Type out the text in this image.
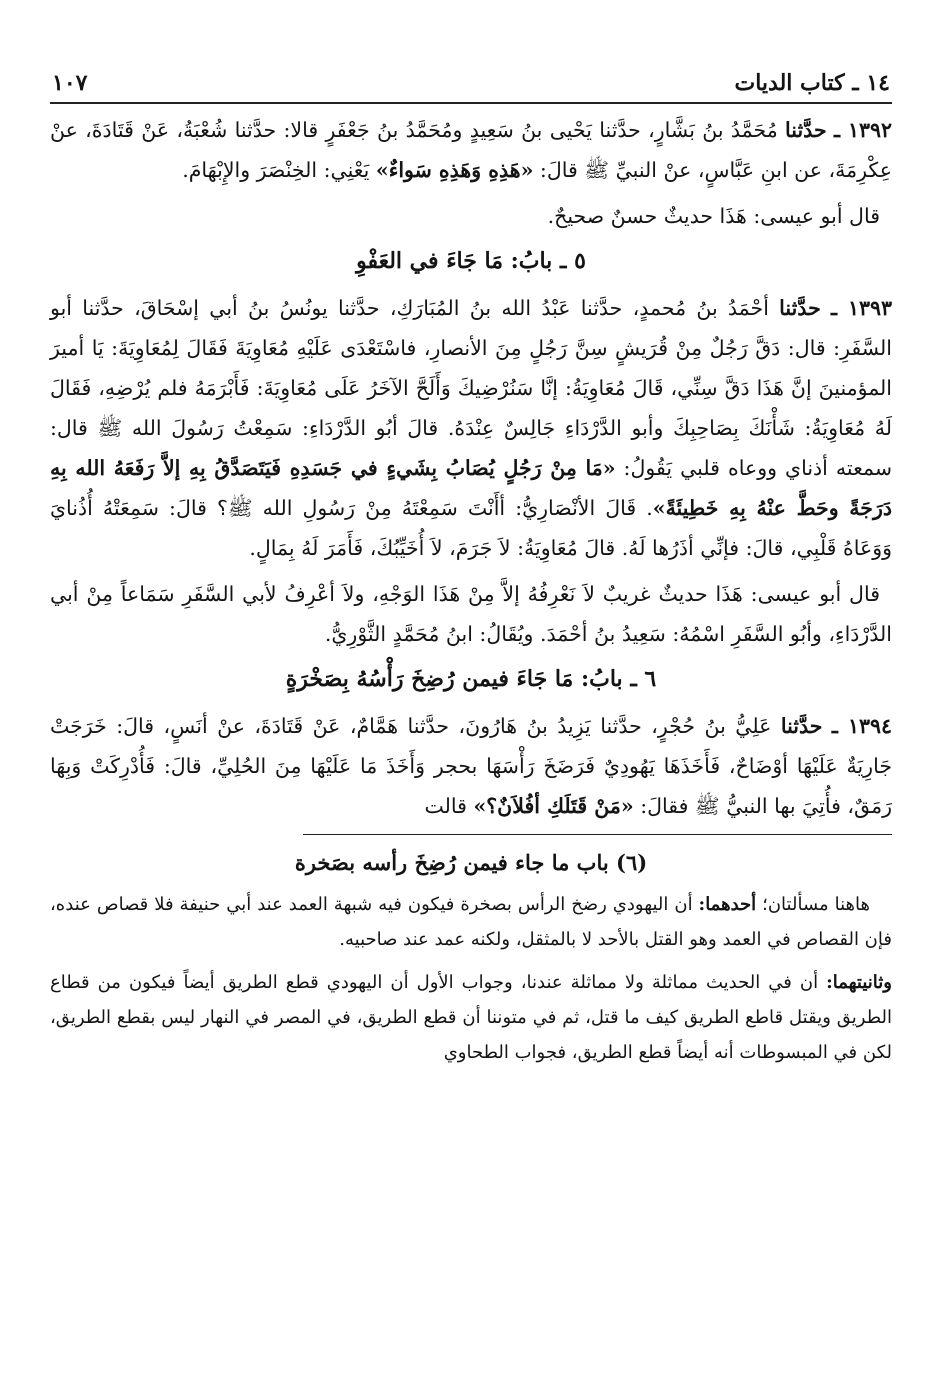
١٤ ـ كتاب الديات
١٠٧

١٣٩٢ ـ حدَّثنا مُحَمَّدُ بنُ بَشَّارٍ، حدَّثنا يَحْيى بنُ سَعِيدٍ ومُحَمَّدُ بنُ جَعْفَرٍ قالا: حدَّثنا شُعْبَةُ، عَنْ قَتَادَةَ، عنْ عِكْرِمَةَ، عن ابنِ عَبَّاسٍ، عنْ النبيِّ ﷺ قالَ: «هَذِهِ وَهَذِهِ سَواءٌ» يَعْنِي: الخِنْصَرَ والإِبْهَامَ.

قال أبو عيسى: هَذَا حديثٌ حسنٌ صحيحٌ.

٥ ـ بابُ: مَا جَاءَ في العَفْوِ

١٣٩٣ ـ حدَّثنا أحْمَدُ بنُ مُحمدٍ، حدَّثنا عَبْدُ الله بنُ المُبَارَكِ، حدَّثنا يونُسُ بنُ أبي إسْحَاقَ، حدَّثنا أبو السَّفَرِ: قال: دَقَّ رَجُلٌ مِنْ قُرَيشٍ سِنَّ رَجُلٍ مِنَ الأنصارِ، فاسْتَعْدَى عَلَيْهِ مُعَاوِيَةَ فَقَالَ لِمُعَاوِيَةَ: يَا أميرَ المؤمنينَ إنَّ هَذَا دَقَّ سِنِّي، قَالَ مُعَاوِيَةُ: إنَّا سَنُرْضِيكَ وَأَلَحَّ الآخَرُ عَلَى مُعَاوِيَةَ: فَأَبْرَمَهُ فلم يُرْضِهِ، فَقَالَ لَهُ مُعَاوِيَةُ: شَأْنَكَ بِصَاحِبِكَ وأبو الدَّرْدَاءِ جَالِسٌ عِنْدَهُ. قالَ أبُو الدَّرْدَاءِ: سَمِعْتُ رَسُولَ الله ﷺ قال: سمعته أذناي ووعاه قلبي يَقُولُ: «مَا مِنْ رَجُلٍ يُصَابُ بِشَيءٍ في جَسَدِهِ فَيَتَصَدَّقُ بِهِ إلاَّ رَفَعَهُ الله بِهِ دَرَجَةً وحَطَّ عنْهُ بِهِ خَطِيئَةً». قَالَ الأنْصَارِيُّ: أأَنْتَ سَمِعْتَهُ مِنْ رَسُولِ الله ﷺ؟ قالَ: سَمِعَتْهُ أُذُنايَ وَوَعَاهُ قَلْبِي، قالَ: فإنِّي أذَرُها لَهُ. قالَ مُعَاوِيَةُ: لاَ جَرَمَ، لاَ أُخَيِّبُكَ، فَأَمَرَ لَهُ بِمَالٍ.

قال أبو عيسى: هَذَا حديثٌ غريبٌ لاَ نَعْرِفُهُ إلاَّ مِنْ هَذَا الوَجْهِ، ولاَ أعْرِفُ لأبي السَّفَرِ سَمَاعاً مِنْ أبي الدَّرْدَاءِ، وأبُو السَّفَرِ اسْمُهُ: سَعِيدُ بنُ أحْمَدَ. ويُقَالُ: ابنُ مُحَمَّدٍ الثَّوْرِيُّ.

٦ ـ بابُ: مَا جَاءَ فيمن رُضِخَ رَأْسُهُ بِصَخْرَةٍ

١٣٩٤ ـ حدَّثنا عَلِيُّ بنُ حُجْرٍ، حدَّثنا يَزِيدُ بنُ هَارُونَ، حدَّثنا هَمَّامٌ، عَنْ قَتَادَةَ، عنْ أنَسٍ، قالَ: خَرَجَتْ جَارِيَةٌ عَلَيْهَا أوْضَاحٌ، فَأَخَذَهَا يَهُودِيٌ فَرَضَخَ رَأْسَهَا بحجر وَأَخَذَ مَا عَلَيْهَا مِنَ الحُلِيِّ، قالَ: فَأُدْرِكَتْ وَبِهَا رَمَقٌ، فأُتِيَ بها النبيُّ ﷺ فقالَ: «مَنْ قَتَلَكِ أفُلاَنٌ؟» قالت

(٦) باب ما جاء فيمن رُضِخَ رأسه بصَخرة

هاهنا مسألتان؛ أحدهما: أن اليهودي رضخ الرأس بصخرة فيكون فيه شبهة العمد عند أبي حنيفة فلا قصاص عنده، فإن القصاص في العمد وهو القتل بالأحد لا بالمثقل، ولكنه عمد عند صاحبيه.

وثانيتهما: أن في الحديث مماثلة ولا مماثلة عندنا، وجواب الأول أن اليهودي قطع الطريق أيضاً فيكون من قطاع الطريق ويقتل قاطع الطريق كيف ما قتل، ثم في متوننا أن قطع الطريق، في المصر في النهار ليس بقطع الطريق، لكن في المبسوطات أنه أيضاً قطع الطريق، فجواب الطحاوي
